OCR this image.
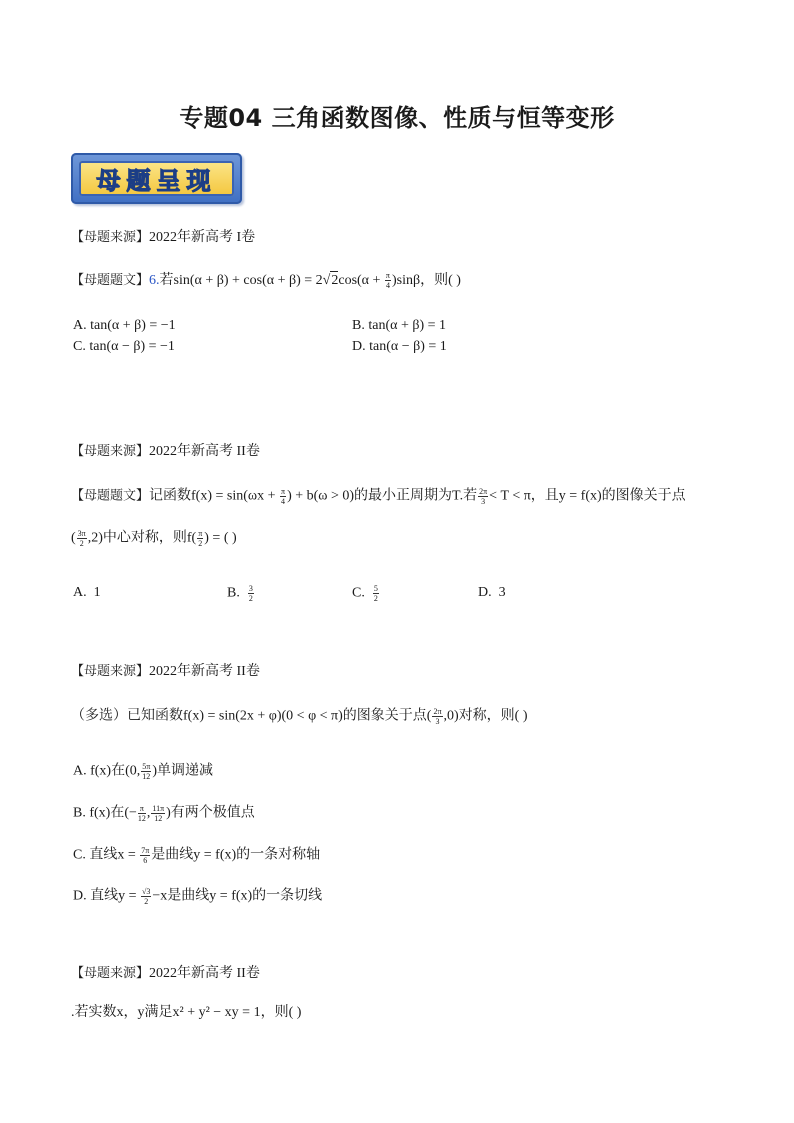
专题04 三角函数图像、性质与恒等变形
母题呈现
【母题来源】2022年新高考 I卷
【母题题文】6.若$\sin(\alpha + \beta) + \cos(\alpha + \beta) = 2√2\cos(\alpha + \frac{\pi}{4} )\sin\beta$，则( )
A. tan(α + β) = −1	B. tan(α + β) = 1
C. tan(α − β) = −1	D. tan(α − β) = 1
【母题来源】2022年新高考 II卷
【母题题文】记函数$f(x) = \sin(\omega x + \frac{\pi}{4}$ ) + b(ω > 0)的最小正周期为T.若 $\frac{2\pi}{3} < T < \pi$，且y = f(x)的图像关于点
( $\frac{3\pi}{2} ,2$)中心对称，则$f( \frac{\pi}{2}$ ) = ( )
A. 1	B. $\frac{3}{2}$	C. $\frac{5}{2}$	D. 3
【母题来源】2022年新高考 II卷
（多选）已知函数f(x) = sin(2x + φ)(0 < φ < π)的图象关于点( $\frac{2\pi}{3} ,0$)对称，则( )
A. f(x)在(0, $\frac{5\pi}{12}$ )单调递减
B. f(x)在(− $\frac{\pi}{12}$ , $\frac{11\pi}{12}$ )有两个极值点
C. 直线$x = \frac{7\pi}{6}$ 是曲线y = f(x)的一条对称轴
D. 直线$y = \frac{√3}{2} -x$是曲线y = f(x)的一条切线
【母题来源】2022年新高考 II卷
.若实数x，y满足x² + y² − xy = 1，则( )
